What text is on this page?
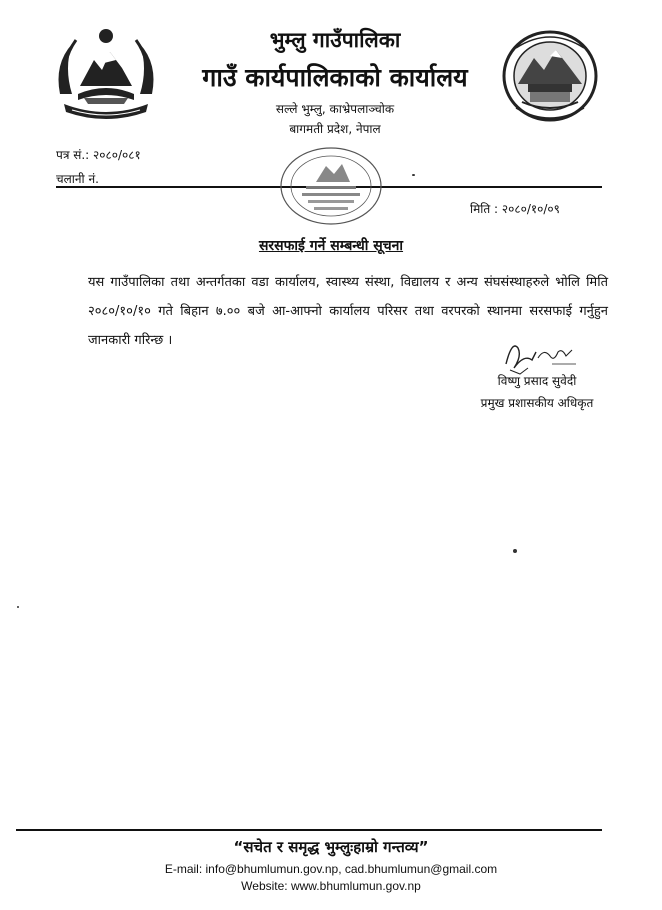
भुम्लु गाउँपालिका
गाउँ कार्यपालिकाको कार्यालय
सल्ले भुम्लु, काभ्रेपलाञ्चोक
बागमती प्रदेश, नेपाल
पत्र सं.: २०८०/०८१
चलानी नं.
मिति : २०८०/१०/०९
सरसफाई गर्ने सम्बन्धी सूचना
यस गाउँपालिका तथा अन्तर्गतका वडा कार्यालय, स्वास्थ्य संस्था, विद्यालय र अन्य संघसंस्थाहरुले भोलि मिति २०८०/१०/१० गते बिहान ७.०० बजे आ-आफ्नो कार्यालय परिसर तथा वरपरको स्थानमा सरसफाई गर्नुहुन जानकारी गरिन्छ ।
विष्णु प्रसाद सुवेदी
प्रमुख प्रशासकीय अधिकृत
“सचेत र समृद्ध भुम्लुःहाम्रो गन्तव्य”
E-mail: info@bhumlumun.gov.np, cad.bhumlumun@gmail.com
Website: www.bhumlumun.gov.np
